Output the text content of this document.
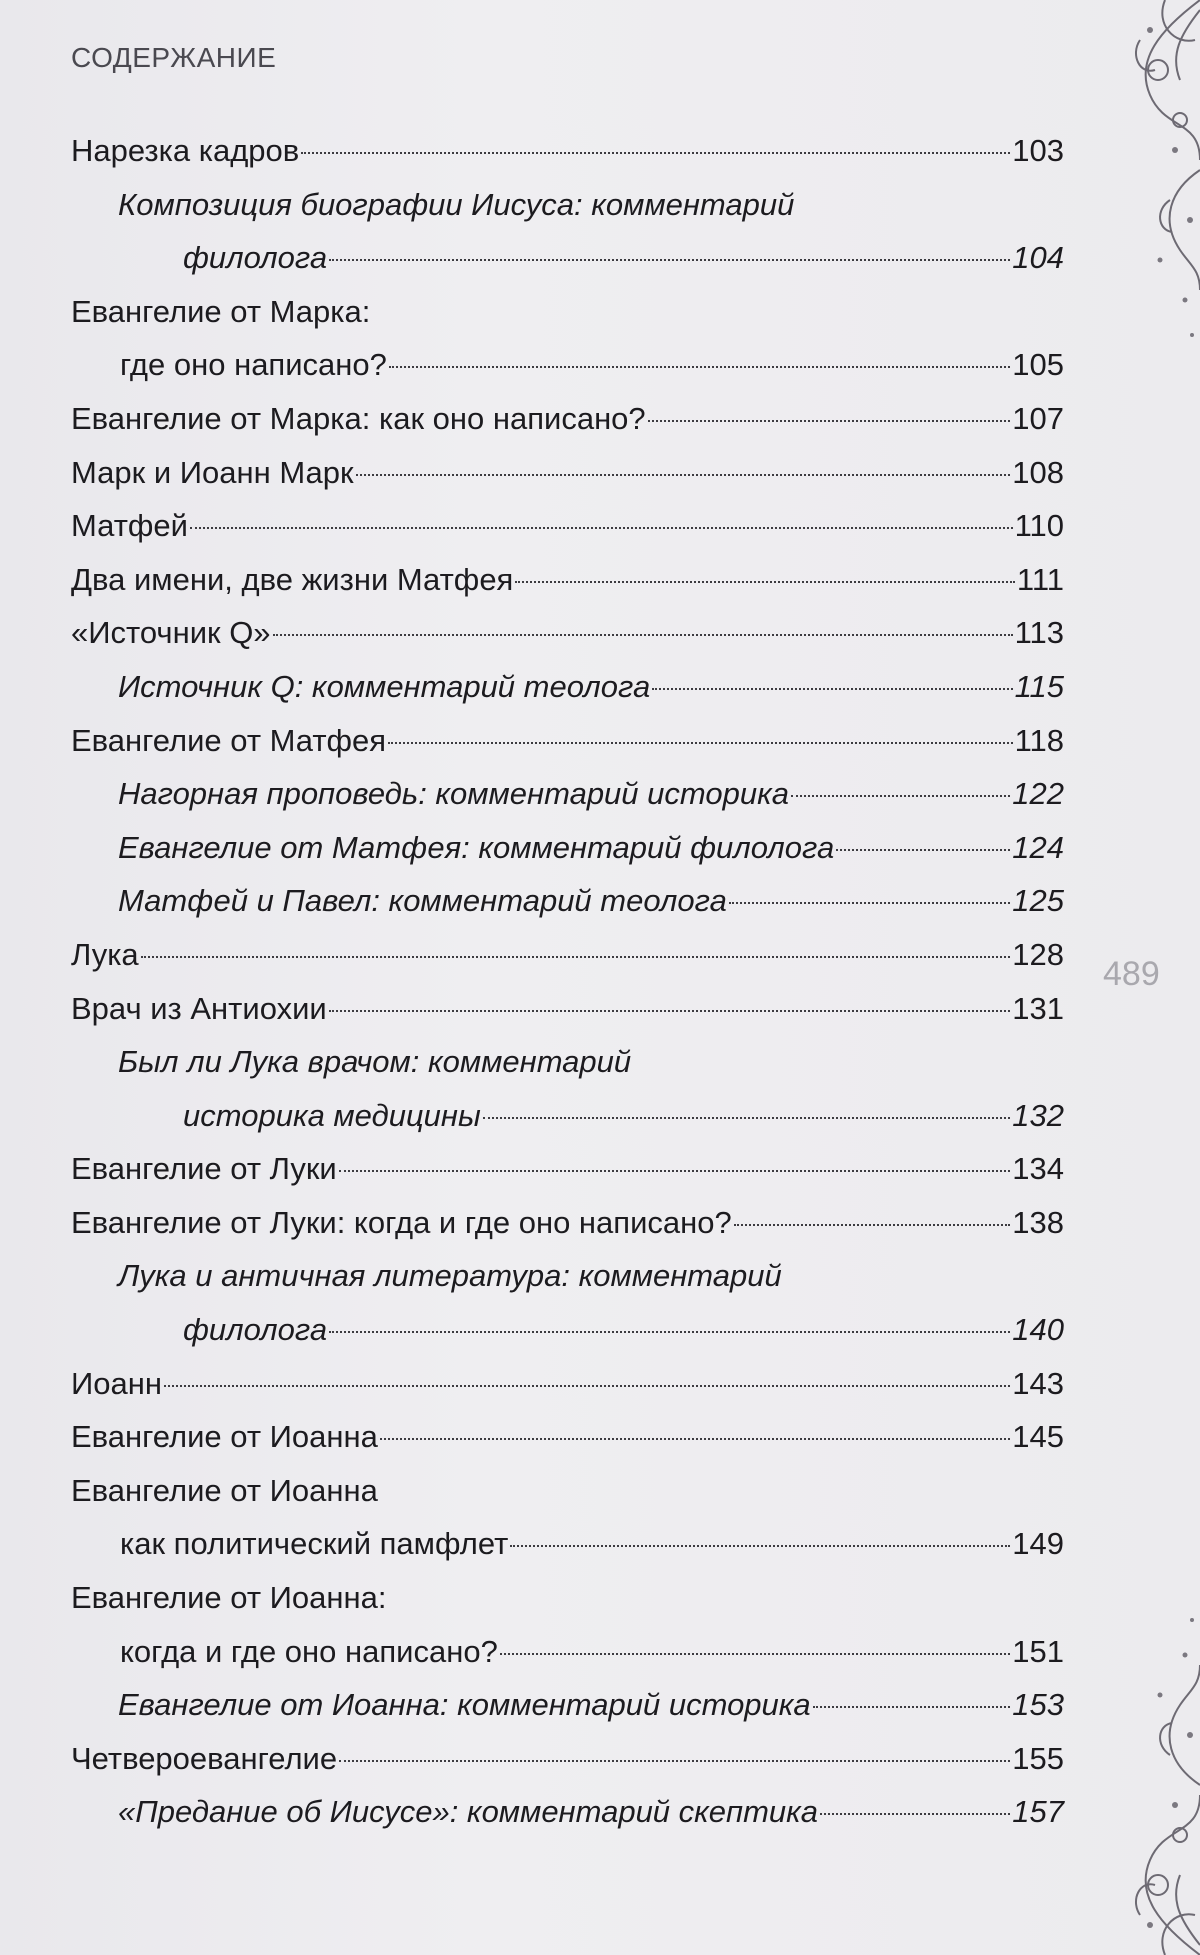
СОДЕРЖАНИЕ
489
Нарезка кадров	103
Композиция биографии Иисуса: комментарий
филолога	104
Евангелие от Марка:
где оно написано?	105
Евангелие от Марка: как оно написано?	107
Марк и Иоанн Марк	108
Матфей	110
Два имени, две жизни Матфея	111
«Источник Q»	113
Источник Q: комментарий теолога	115
Евангелие от Матфея	118
Нагорная проповедь: комментарий историка	122
Евангелие от Матфея: комментарий филолога	124
Матфей и Павел: комментарий теолога	125
Лука	128
Врач из Антиохии	131
Был ли Лука врачом: комментарий
историка медицины	132
Евангелие от Луки	134
Евангелие от Луки: когда и где оно написано?	138
Лука и античная литература: комментарий
филолога	140
Иоанн	143
Евангелие от Иоанна	145
Евангелие от Иоанна
как политический памфлет	149
Евангелие от Иоанна:
когда и где оно написано?	151
Евангелие от Иоанна: комментарий историка	153
Четвероевангелие	155
«Предание об Иисусе»: комментарий скептика	157
